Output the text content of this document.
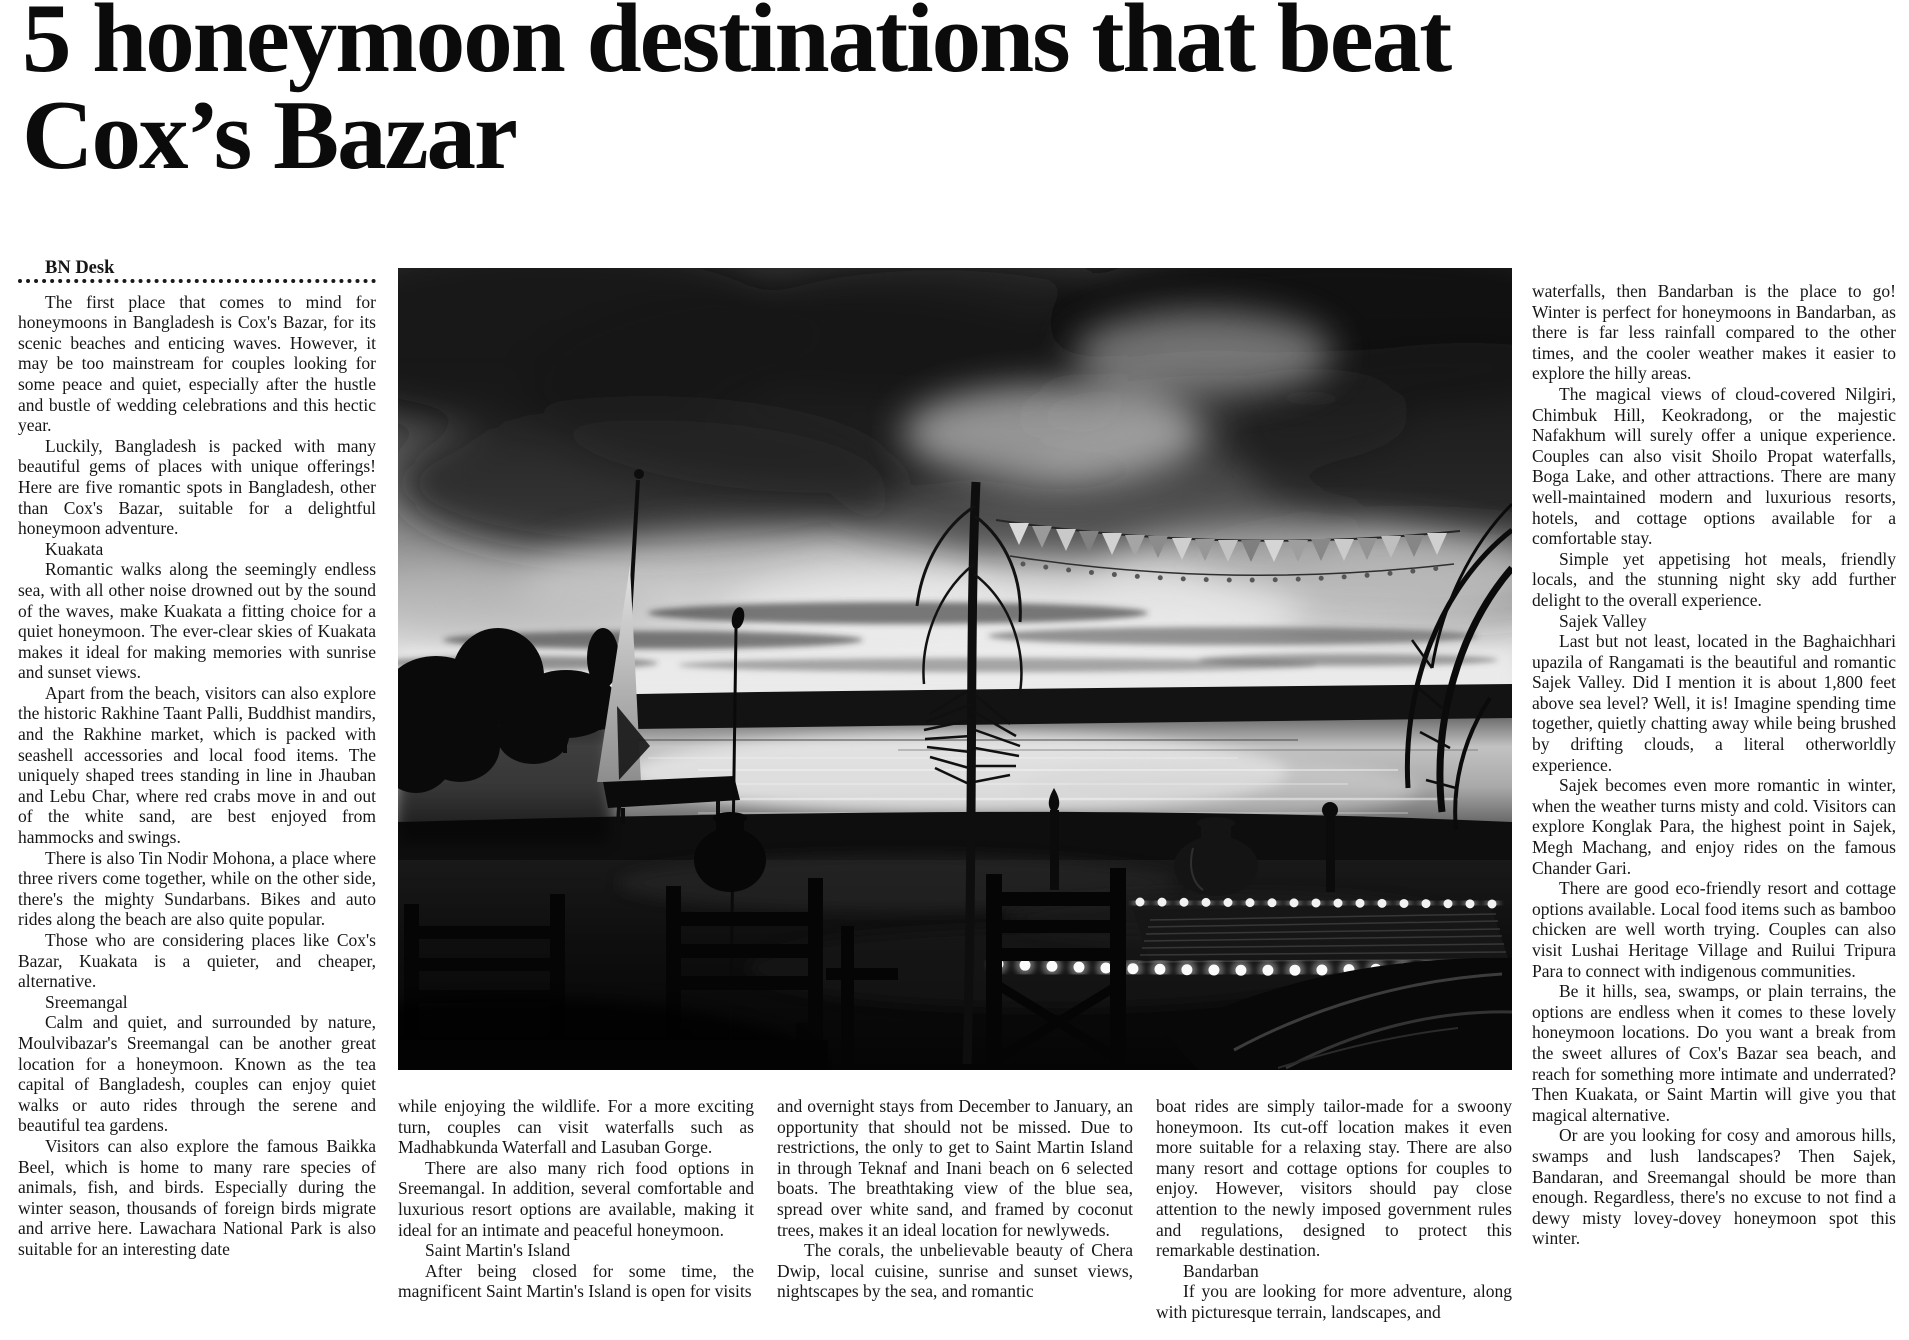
5 honeymoon destinations that beat Cox’s Bazar

BN Desk

The first place that comes to mind for honeymoons in Bangladesh is Cox's Bazar, for its scenic beaches and enticing waves. However, it may be too mainstream for couples looking for some peace and quiet, especially after the hustle and bustle of wedding celebrations and this hectic year.

Luckily, Bangladesh is packed with many beautiful gems of places with unique offerings! Here are five romantic spots in Bangladesh, other than Cox's Bazar, suitable for a delightful honeymoon adventure.

Kuakata

Romantic walks along the seemingly endless sea, with all other noise drowned out by the sound of the waves, make Kuakata a fitting choice for a quiet honeymoon. The ever-clear skies of Kuakata makes it ideal for making memories with sunrise and sunset views.

Apart from the beach, visitors can also explore the historic Rakhine Taant Palli, Buddhist mandirs, and the Rakhine market, which is packed with seashell accessories and local food items. The uniquely shaped trees standing in line in Jhauban and Lebu Char, where red crabs move in and out of the white sand, are best enjoyed from hammocks and swings.

There is also Tin Nodir Mohona, a place where three rivers come together, while on the other side, there's the mighty Sundarbans. Bikes and auto rides along the beach are also quite popular.

Those who are considering places like Cox's Bazar, Kuakata is a quieter, and cheaper, alternative.

Sreemangal

Calm and quiet, and surrounded by nature, Moulvibazar's Sreemangal can be another great location for a honeymoon. Known as the tea capital of Bangladesh, couples can enjoy quiet walks or auto rides through the serene and beautiful tea gardens.

Visitors can also explore the famous Baikka Beel, which is home to many rare species of animals, fish, and birds. Especially during the winter season, thousands of foreign birds migrate and arrive here. Lawachara National Park is also suitable for an interesting date

while enjoying the wildlife. For a more exciting turn, couples can visit waterfalls such as Madhabkunda Waterfall and Lasuban Gorge.

There are also many rich food options in Sreemangal. In addition, several comfortable and luxurious resort options are available, making it ideal for an intimate and peaceful honeymoon.

Saint Martin's Island

After being closed for some time, the magnificent Saint Martin's Island is open for visits

and overnight stays from December to January, an opportunity that should not be missed. Due to restrictions, the only to get to Saint Martin Island in through Teknaf and Inani beach on 6 selected boats. The breathtaking view of the blue sea, spread over white sand, and framed by coconut trees, makes it an ideal location for newlyweds.

The corals, the unbelievable beauty of Chera Dwip, local cuisine, sunrise and sunset views, nightscapes by the sea, and romantic

boat rides are simply tailor-made for a swoony honeymoon. Its cut-off location makes it even more suitable for a relaxing stay. There are also many resort and cottage options for couples to enjoy. However, visitors should pay close attention to the newly imposed government rules and regulations, designed to protect this remarkable destination.

Bandarban

If you are looking for more adventure, along with picturesque terrain, landscapes, and

waterfalls, then Bandarban is the place to go! Winter is perfect for honeymoons in Bandarban, as there is far less rainfall compared to the other times, and the cooler weather makes it easier to explore the hilly areas.

The magical views of cloud-covered Nilgiri, Chimbuk Hill, Keokradong, or the majestic Nafakhum will surely offer a unique experience. Couples can also visit Shoilo Propat waterfalls, Boga Lake, and other attractions. There are many well-maintained modern and luxurious resorts, hotels, and cottage options available for a comfortable stay.

Simple yet appetising hot meals, friendly locals, and the stunning night sky add further delight to the overall experience.

Sajek Valley

Last but not least, located in the Baghaichhari upazila of Rangamati is the beautiful and romantic Sajek Valley. Did I mention it is about 1,800 feet above sea level? Well, it is! Imagine spending time together, quietly chatting away while being brushed by drifting clouds, a literal otherworldly experience.

Sajek becomes even more romantic in winter, when the weather turns misty and cold. Visitors can explore Konglak Para, the highest point in Sajek, Megh Machang, and enjoy rides on the famous Chander Gari.

There are good eco-friendly resort and cottage options available. Local food items such as bamboo chicken are well worth trying. Couples can also visit Lushai Heritage Village and Ruilui Tripura Para to connect with indigenous communities.

Be it hills, sea, swamps, or plain terrains, the options are endless when it comes to these lovely honeymoon locations. Do you want a break from the sweet allures of Cox's Bazar sea beach, and reach for something more intimate and underrated? Then Kuakata, or Saint Martin will give you that magical alternative.

Or are you looking for cosy and amorous hills, swamps and lush landscapes? Then Sajek, Bandaran, and Sreemangal should be more than enough. Regardless, there's no excuse to not find a dewy misty lovey-dovey honeymoon spot this winter.
